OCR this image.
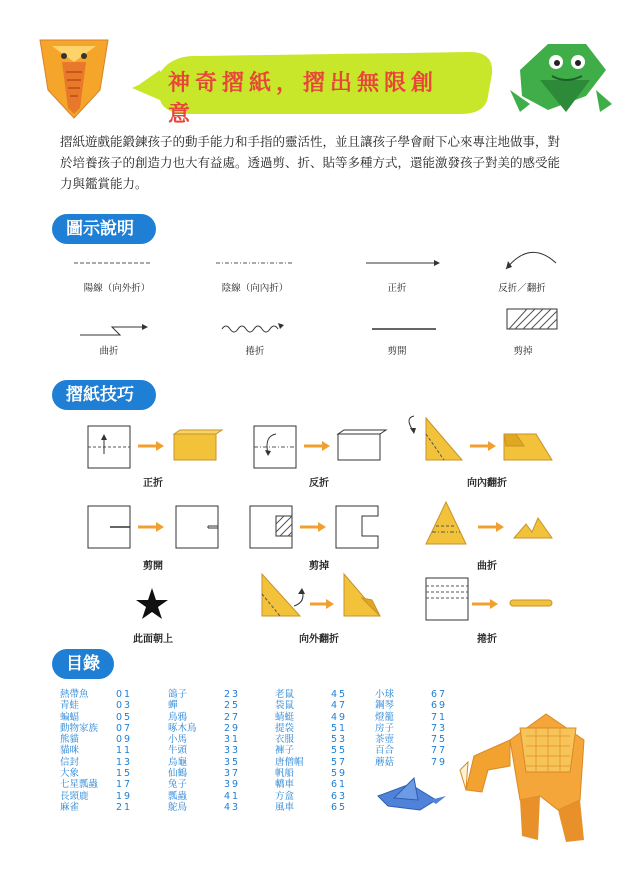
神奇摺紙，摺出無限創意
摺紙遊戲能鍛鍊孩子的動手能力和手指的靈活性，並且讓孩子學會耐下心來專注地做事，對於培養孩子的創造力也大有益處。透過剪、折、貼等多種方式，還能激發孩子對美的感受能力與鑑賞能力。
圖示說明
陽線（向外折）	陰線（向內折）	正折	反折／翻折
曲折	捲折	剪開	剪掉
摺紙技巧
正折	反折	向內翻折
剪開	剪掉	曲折
此面朝上	向外翻折	捲折
目錄
熱帶魚	01
青蛙	03
蝙蝠	05
動物家族	07
熊貓	09
貓咪	11
信封	13
大象	15
七星瓢蟲	17
長頸鹿	19
麻雀	21
鴿子	23
蟬	25
鳥鴉	27
啄木鳥	29
小馬	31
牛頭	33
烏龜	35
仙鶴	37
兔子	39
瓢蟲	41
鴕鳥	43
老鼠	45
袋鼠	47
蜻蜓	49
提袋	51
衣服	53
褲子	55
唐僧帽	57
帆船	59
轎車	61
方盒	63
風車	65
小球	67
鋼琴	69
燈籠	71
房子	73
茶壺	75
百合	77
蘑菇	79
